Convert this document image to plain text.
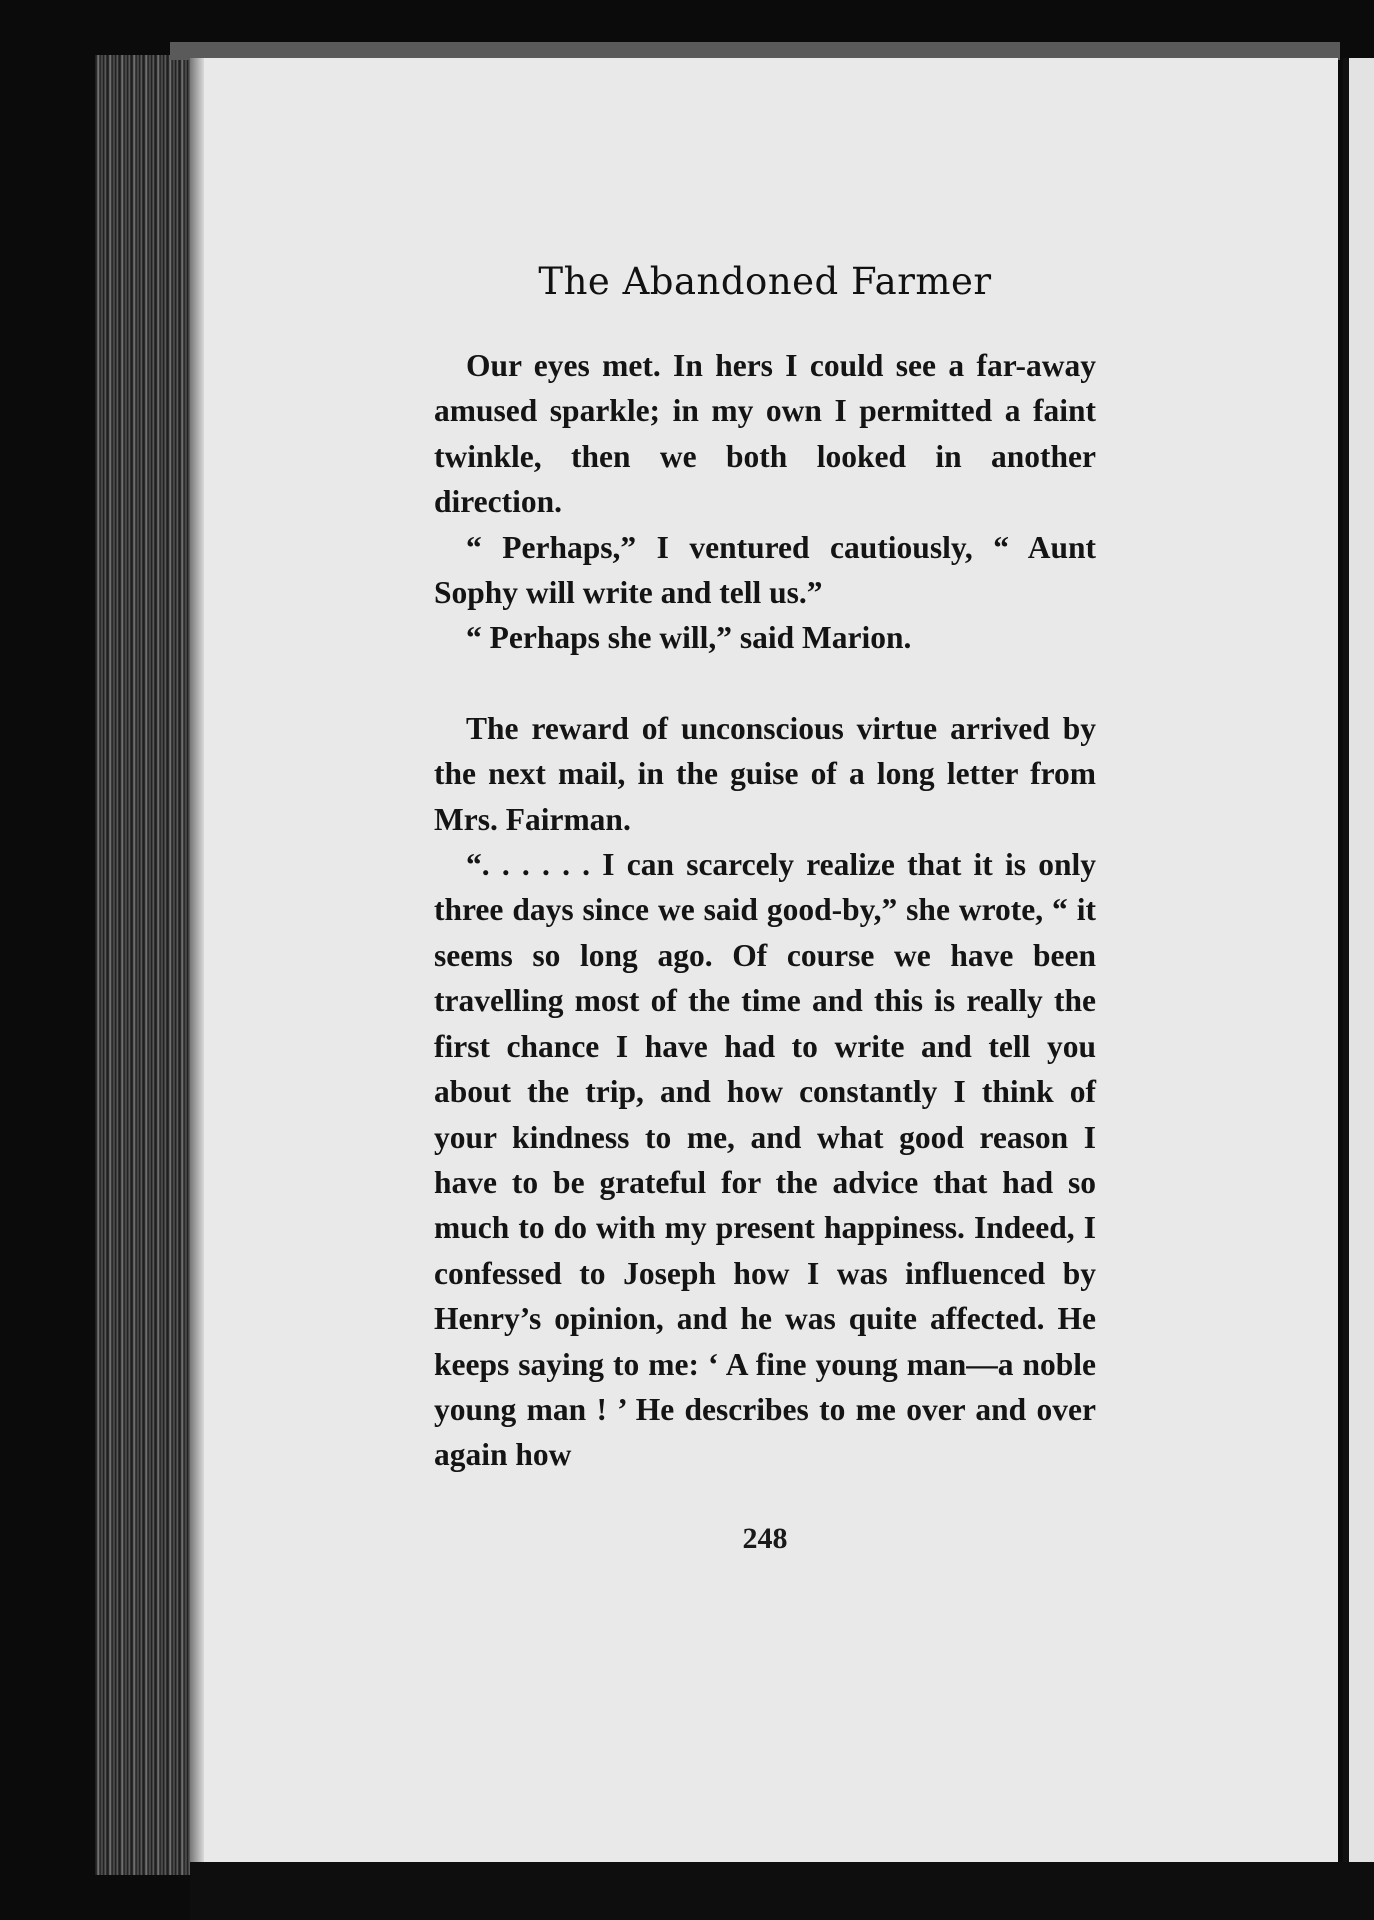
The Abandoned Farmer

Our eyes met. In hers I could see a far-away amused sparkle; in my own I permitted a faint twinkle, then we both looked in another direction.

“ Perhaps,” I ventured cautiously, “ Aunt Sophy will write and tell us.”

“ Perhaps she will,” said Marion.

The reward of unconscious virtue arrived by the next mail, in the guise of a long letter from Mrs. Fairman.

“. . . . . . I can scarcely realize that it is only three days since we said good-by,” she wrote, “ it seems so long ago. Of course we have been travelling most of the time and this is really the first chance I have had to write and tell you about the trip, and how constantly I think of your kindness to me, and what good reason I have to be grateful for the advice that had so much to do with my present happiness. Indeed, I confessed to Joseph how I was influenced by Henry’s opinion, and he was quite affected. He keeps saying to me: ‘ A fine young man—a noble young man ! ’ He describes to me over and over again how

248
